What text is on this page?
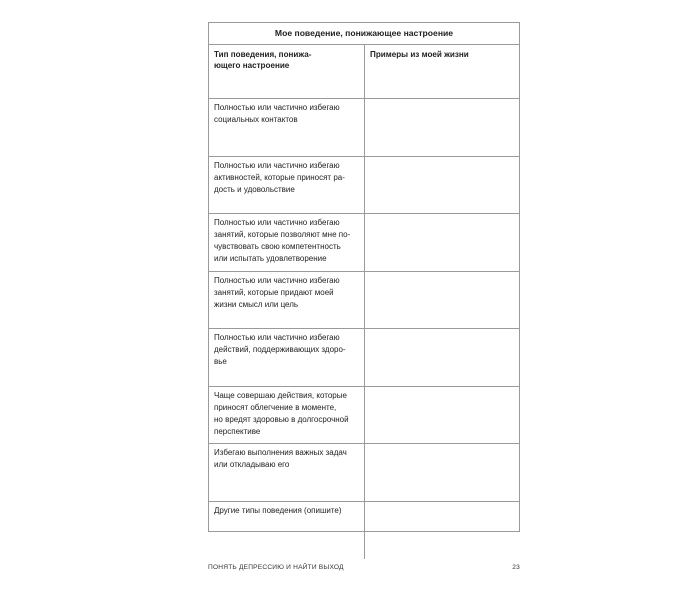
Мое поведение, понижающее настроение
Тип поведения, понижа-
ющего настроение
Примеры из моей жизни
Полностью или частично избегаю
социальных контактов
Полностью или частично избегаю
активностей, которые приносят ра-
дость и удовольствие
Полностью или частично избегаю
занятий, которые позволяют мне по-
чувствовать свою компетентность
или испытать удовлетворение
Полностью или частично избегаю
занятий, которые придают моей
жизни смысл или цель
Полностью или частично избегаю
действий, поддерживающих здоро-
вье
Чаще совершаю действия, которые
приносят облегчение в моменте,
но вредят здоровью в долгосрочной
перспективе
Избегаю выполнения важных задач
или откладываю его
Другие типы поведения (опишите)
ПОНЯТЬ ДЕПРЕССИЮ И НАЙТИ ВЫХОД	23
